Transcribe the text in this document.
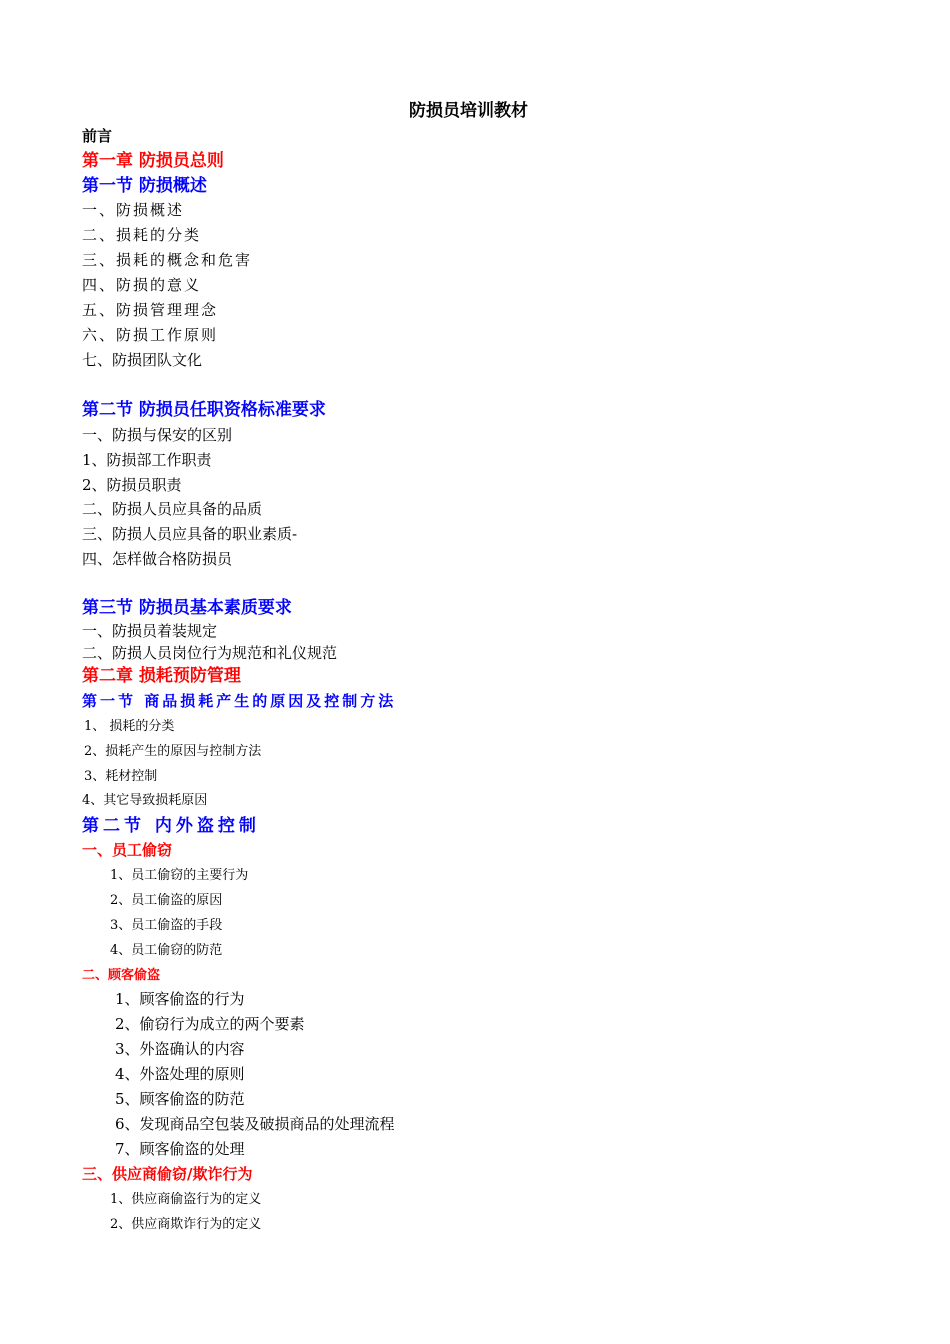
防损员培训教材
前言
第一章 防损员总则
第一节 防损概述
一、防损概述
二、损耗的分类
三、损耗的概念和危害
四、防损的意义
五、防损管理理念
六、防损工作原则
七、防损团队文化
第二节 防损员任职资格标准要求
一、防损与保安的区别
1、防损部工作职责
2、防损员职责
二、防损人员应具备的品质
三、防损人员应具备的职业素质-
四、怎样做合格防损员
第三节 防损员基本素质要求
一、防损员着装规定
二、防损人员岗位行为规范和礼仪规范
第二章 损耗预防管理
第一节 商品损耗产生的原因及控制方法
1、 损耗的分类
2、损耗产生的原因与控制方法
3、耗材控制
4、其它导致损耗原因
第二节 内外盗控制
一、员工偷窃
1、员工偷窃的主要行为
2、员工偷盗的原因
3、员工偷盗的手段
4、员工偷窃的防范
二、顾客偷盗
1、顾客偷盗的行为
2、偷窃行为成立的两个要素
3、外盗确认的内容
4、外盗处理的原则
5、顾客偷盗的防范
6、发现商品空包装及破损商品的处理流程
7、顾客偷盗的处理
三、供应商偷窃/欺诈行为
1、供应商偷盗行为的定义
2、供应商欺诈行为的定义
